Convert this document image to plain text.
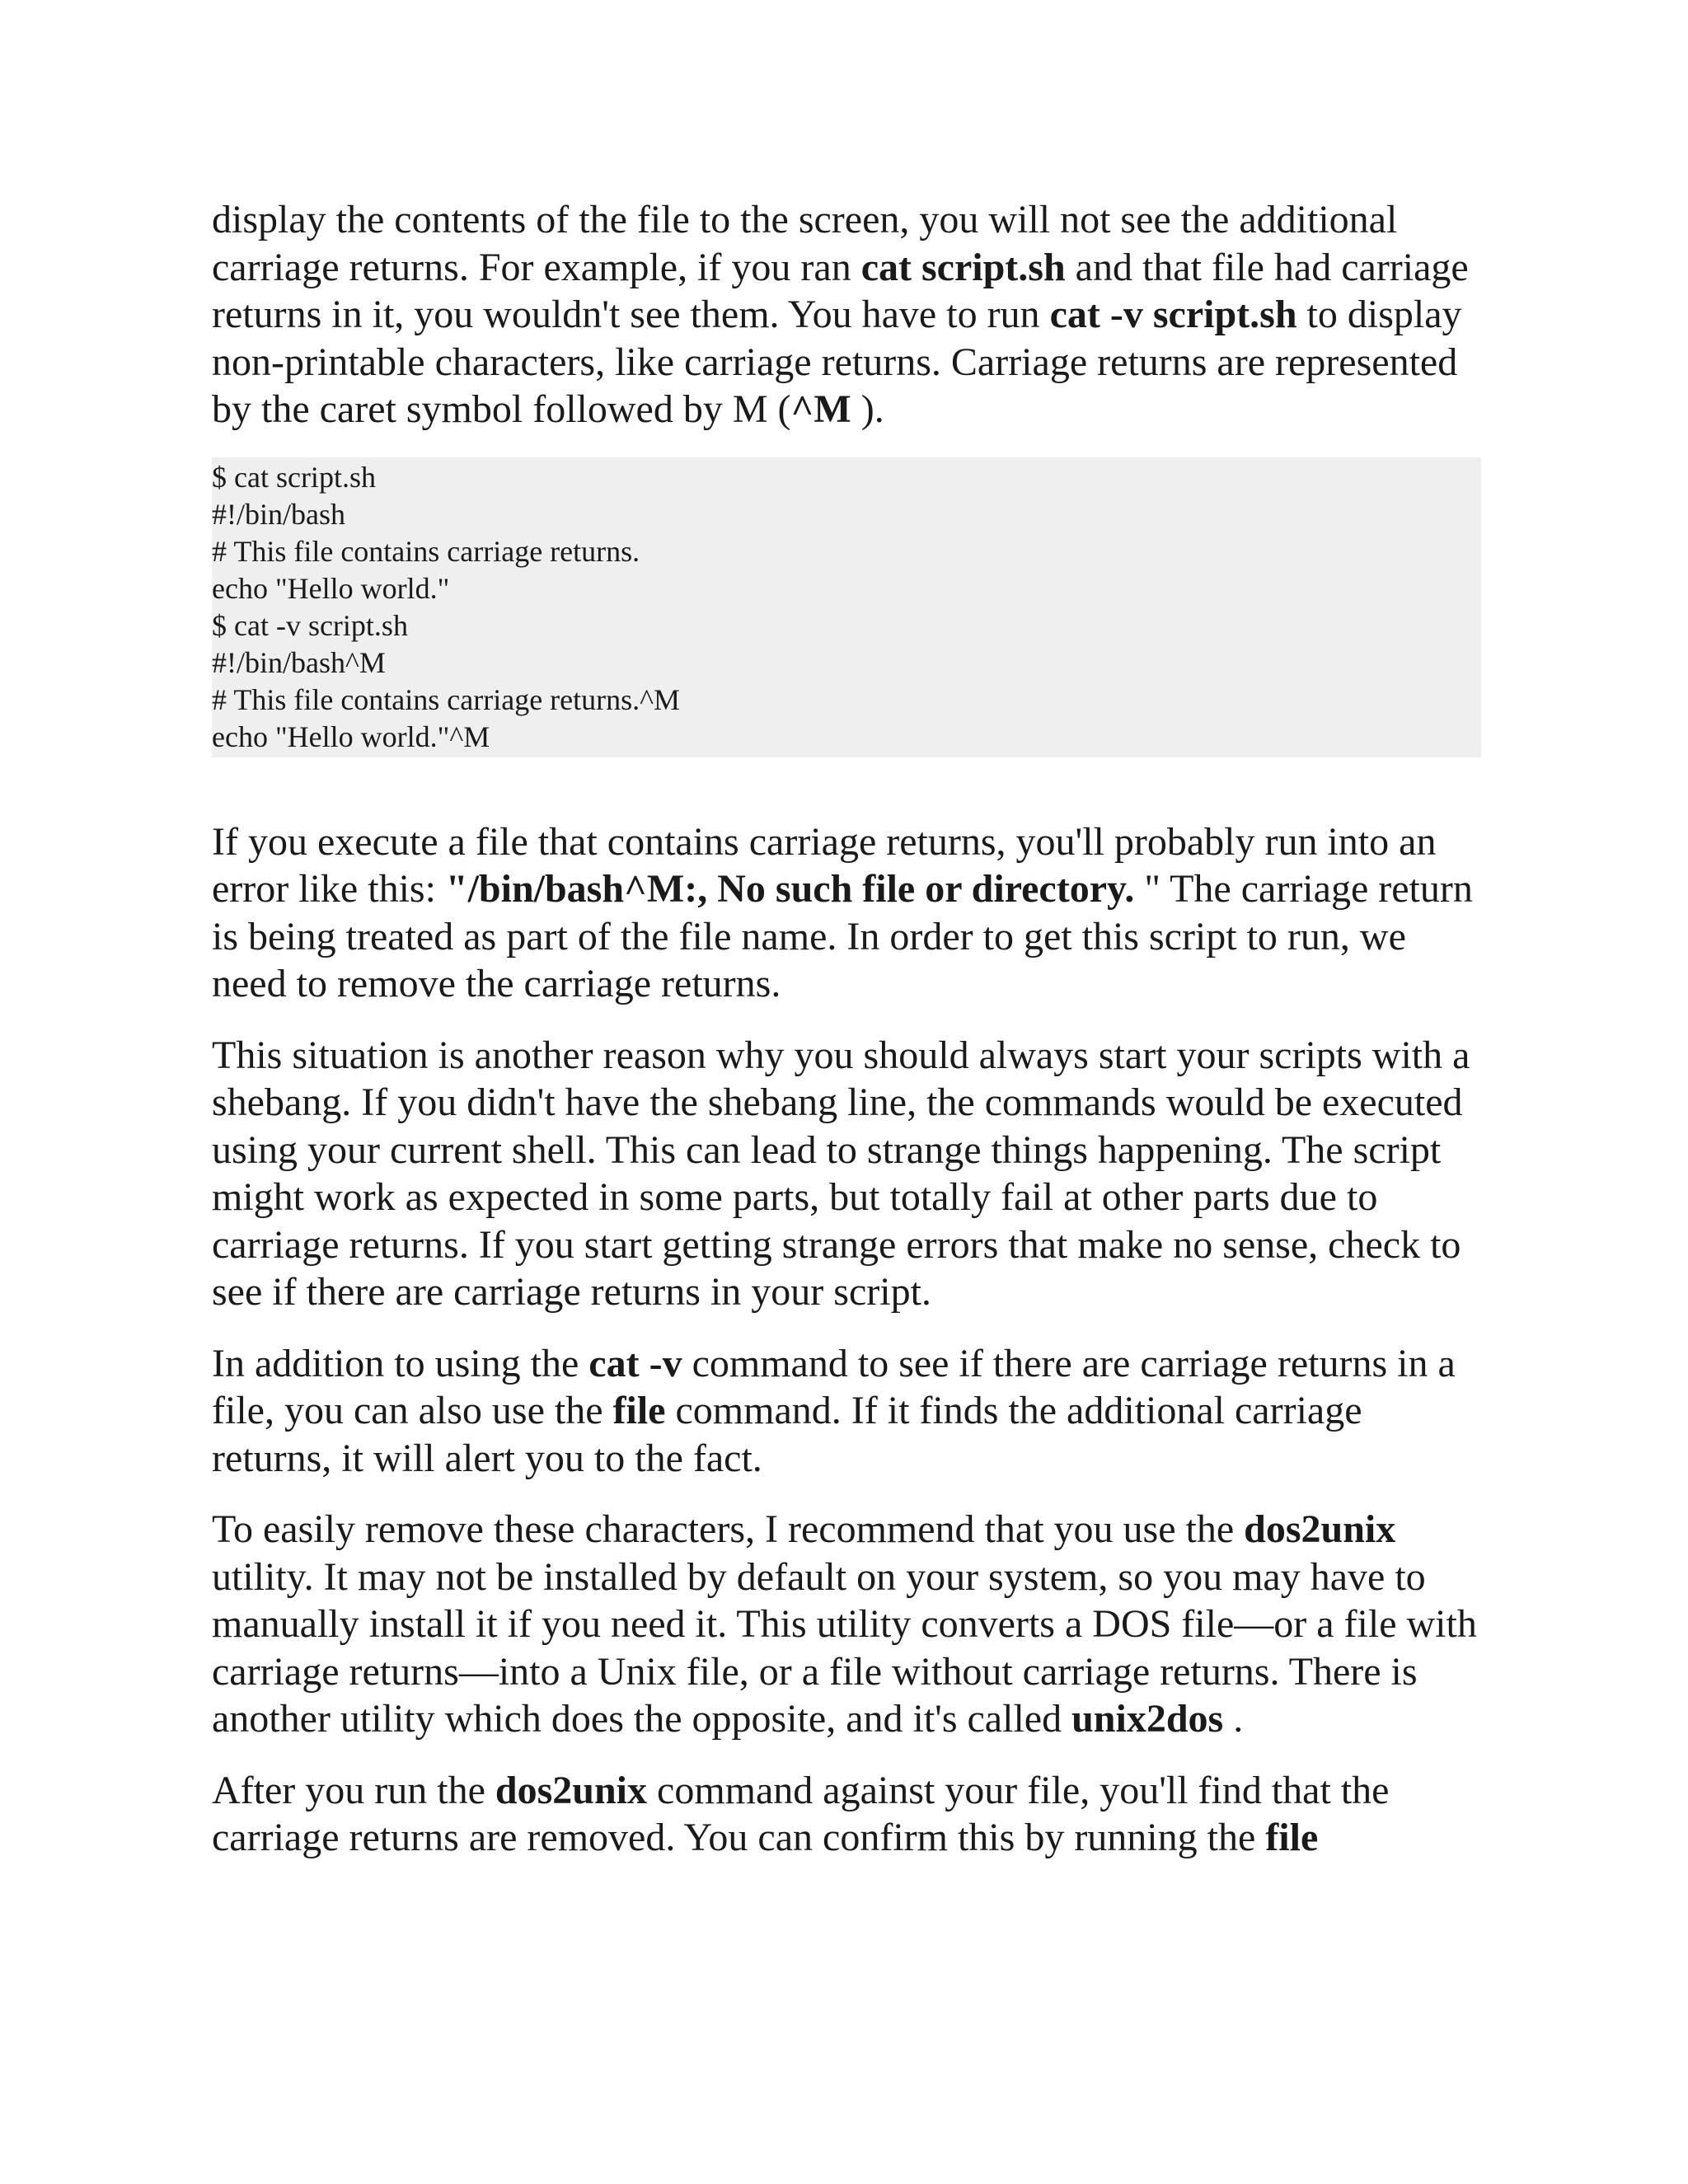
display the contents of the file to the screen, you will not see the additional carriage returns. For example, if you ran cat script.sh and that file had carriage returns in it, you wouldn't see them. You have to run cat -v script.sh to display non-printable characters, like carriage returns. Carriage returns are represented by the caret symbol followed by M (^M ).

$ cat script.sh
#!/bin/bash
# This file contains carriage returns.
echo "Hello world."
$ cat -v script.sh
#!/bin/bash^M
# This file contains carriage returns.^M
echo "Hello world."^M

If you execute a file that contains carriage returns, you'll probably run into an error like this: "/bin/bash^M:, No such file or directory. " The carriage return is being treated as part of the file name. In order to get this script to run, we need to remove the carriage returns.

This situation is another reason why you should always start your scripts with a shebang. If you didn't have the shebang line, the commands would be executed using your current shell. This can lead to strange things happening. The script might work as expected in some parts, but totally fail at other parts due to carriage returns. If you start getting strange errors that make no sense, check to see if there are carriage returns in your script.

In addition to using the cat -v command to see if there are carriage returns in a file, you can also use the file command. If it finds the additional carriage returns, it will alert you to the fact.

To easily remove these characters, I recommend that you use the dos2unix utility. It may not be installed by default on your system, so you may have to manually install it if you need it. This utility converts a DOS file—or a file with carriage returns—into a Unix file, or a file without carriage returns. There is another utility which does the opposite, and it's called unix2dos .

After you run the dos2unix command against your file, you'll find that the carriage returns are removed. You can confirm this by running the file
